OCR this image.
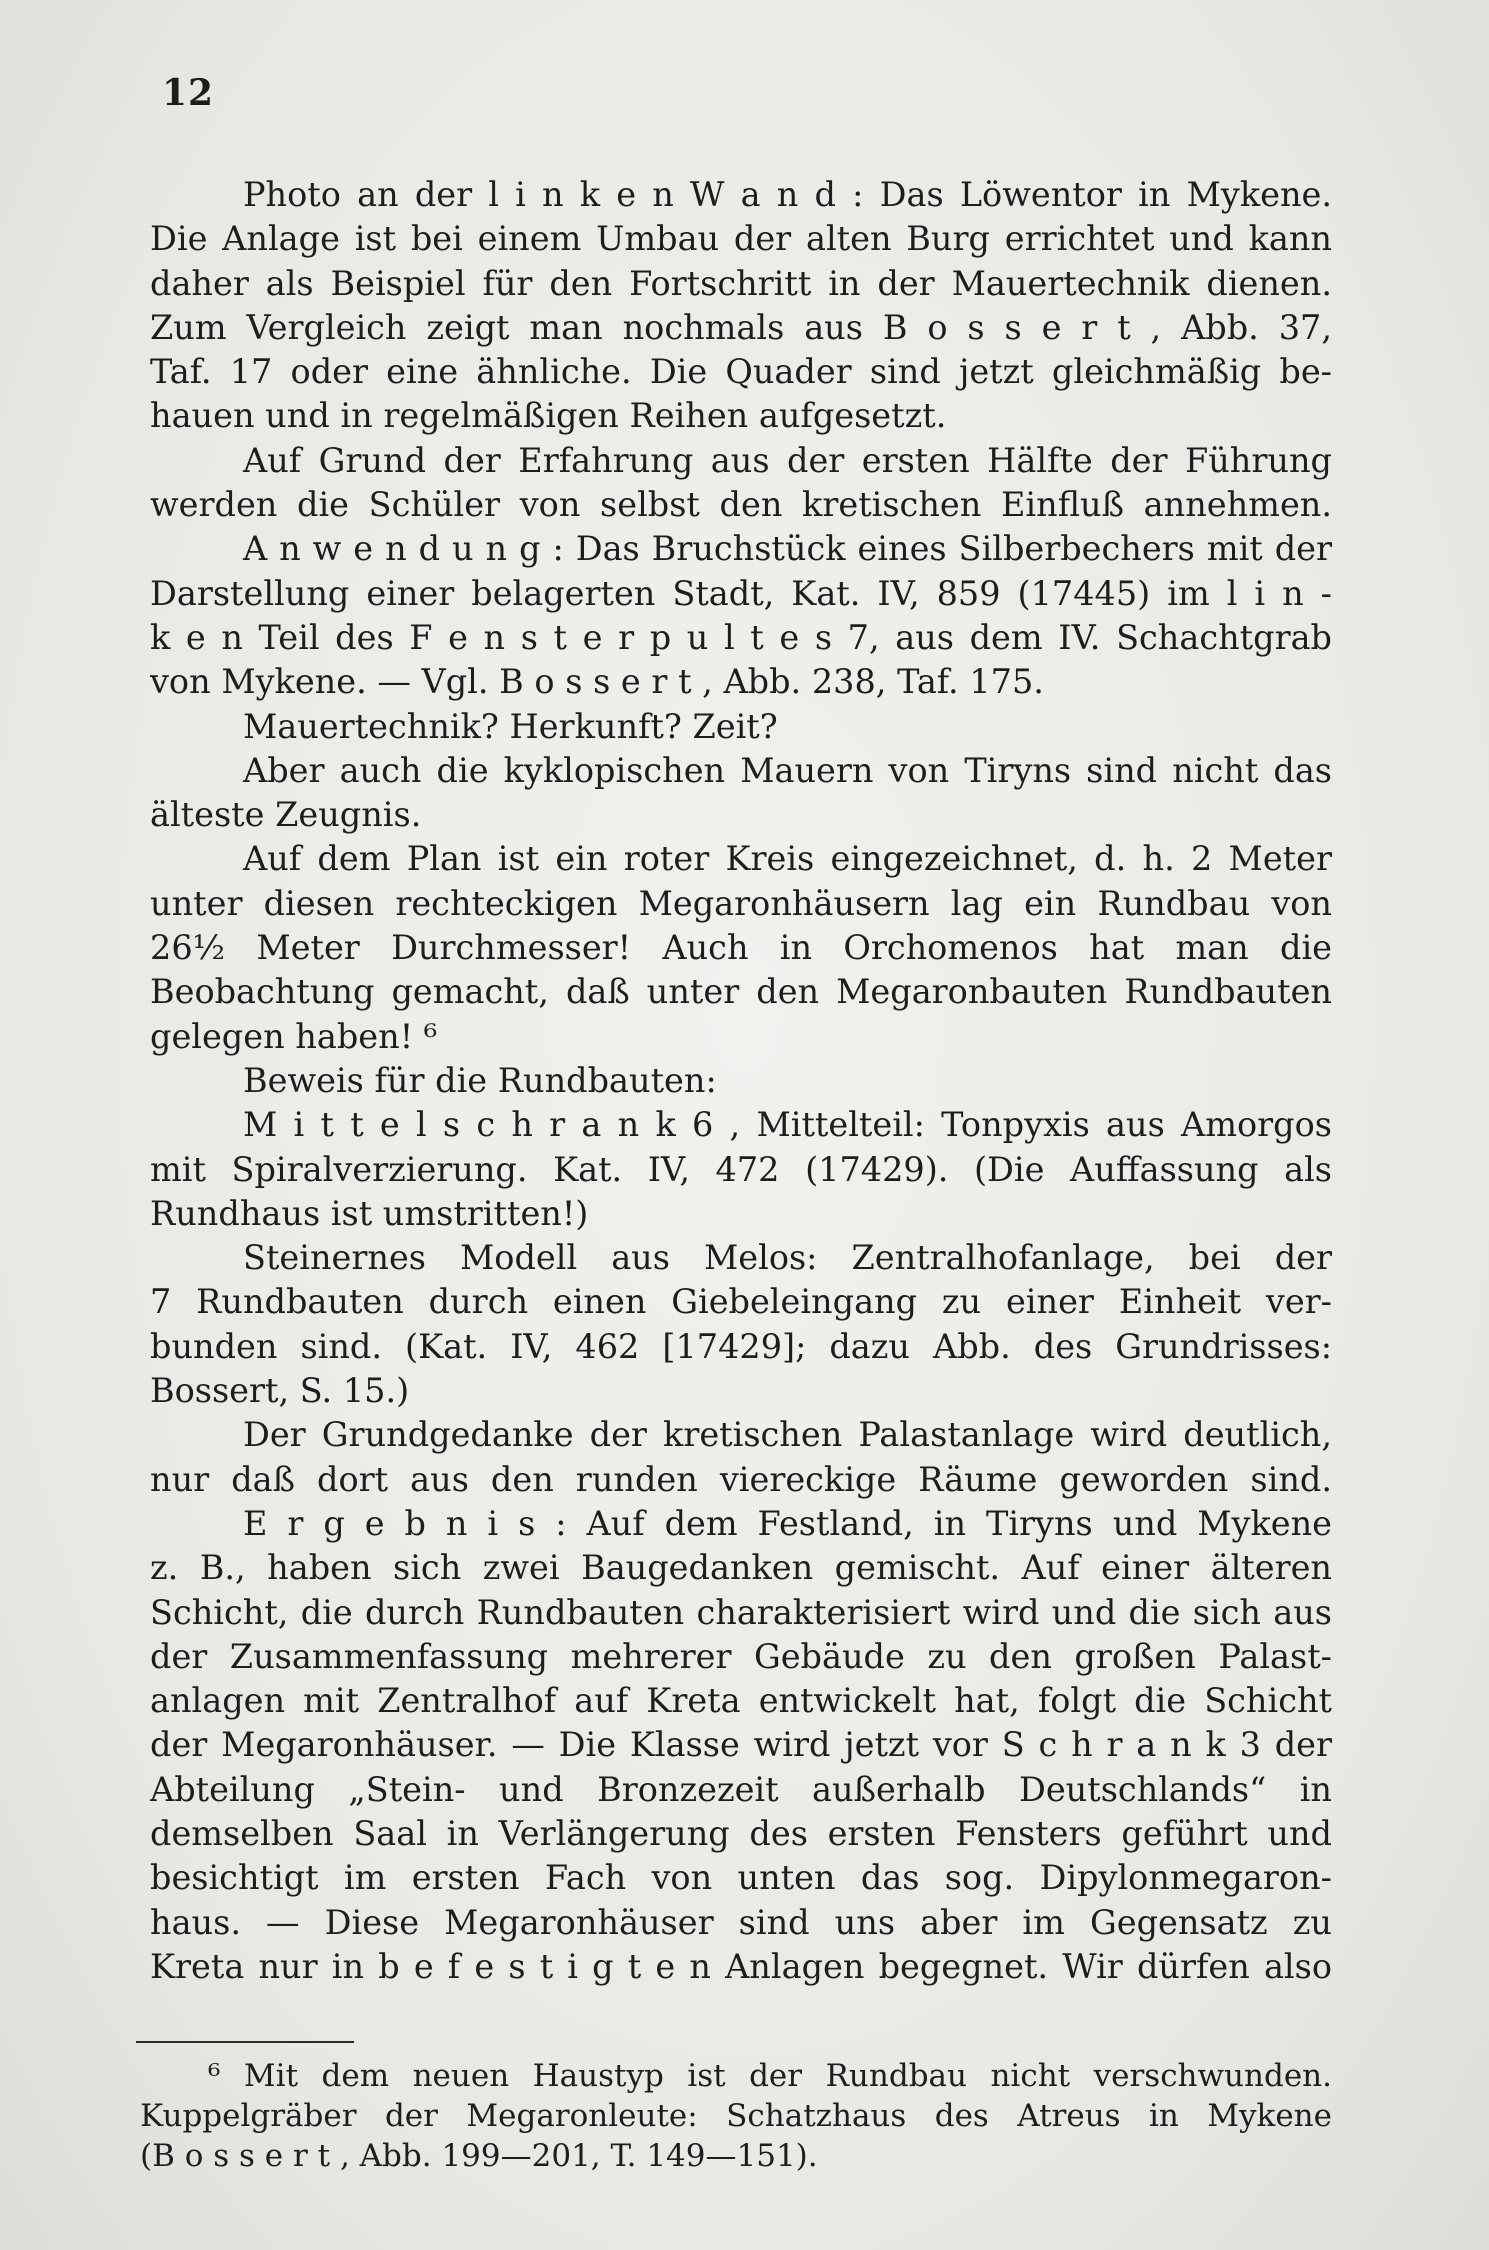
12
Photo an der l i n k e n W a n d : Das Löwentor in Mykene.
Die Anlage ist bei einem Umbau der alten Burg errichtet und kann
daher als Beispiel für den Fortschritt in der Mauertechnik dienen.
Zum Vergleich zeigt man nochmals aus B o s s e r t , Abb. 37,
Taf. 17 oder eine ähnliche. Die Quader sind jetzt gleichmäßig be-
hauen und in regelmäßigen Reihen aufgesetzt.
Auf Grund der Erfahrung aus der ersten Hälfte der Führung
werden die Schüler von selbst den kretischen Einfluß annehmen.
A n w e n d u n g : Das Bruchstück eines Silberbechers mit der
Darstellung einer belagerten Stadt, Kat. IV, 859 (17445) im l i n -
k e n Teil des F e n s t e r p u l t e s 7, aus dem IV. Schachtgrab
von Mykene. — Vgl. B o s s e r t , Abb. 238, Taf. 175.
Mauertechnik? Herkunft? Zeit?
Aber auch die kyklopischen Mauern von Tiryns sind nicht das
älteste Zeugnis.
Auf dem Plan ist ein roter Kreis eingezeichnet, d. h. 2 Meter
unter diesen rechteckigen Megaronhäusern lag ein Rundbau von
26½ Meter Durchmesser! Auch in Orchomenos hat man die
Beobachtung gemacht, daß unter den Megaronbauten Rundbauten
gelegen haben! ⁶
Beweis für die Rundbauten:
M i t t e l s c h r a n k 6 , Mittelteil: Tonpyxis aus Amorgos
mit Spiralverzierung. Kat. IV, 472 (17429). (Die Auffassung als
Rundhaus ist umstritten!)
Steinernes Modell aus Melos: Zentralhofanlage, bei der
7 Rundbauten durch einen Giebeleingang zu einer Einheit ver-
bunden sind. (Kat. IV, 462 [17429]; dazu Abb. des Grundrisses:
Bossert, S. 15.)
Der Grundgedanke der kretischen Palastanlage wird deutlich,
nur daß dort aus den runden viereckige Räume geworden sind.
E r g e b n i s : Auf dem Festland, in Tiryns und Mykene
z. B., haben sich zwei Baugedanken gemischt. Auf einer älteren
Schicht, die durch Rundbauten charakterisiert wird und die sich aus
der Zusammenfassung mehrerer Gebäude zu den großen Palast-
anlagen mit Zentralhof auf Kreta entwickelt hat, folgt die Schicht
der Megaronhäuser. — Die Klasse wird jetzt vor S c h r a n k 3 der
Abteilung „Stein- und Bronzezeit außerhalb Deutschlands“ in
demselben Saal in Verlängerung des ersten Fensters geführt und
besichtigt im ersten Fach von unten das sog. Dipylonmegaron-
haus. — Diese Megaronhäuser sind uns aber im Gegensatz zu
Kreta nur in b e f e s t i g t e n Anlagen begegnet. Wir dürfen also
⁶ Mit dem neuen Haustyp ist der Rundbau nicht verschwunden.
Kuppelgräber der Megaronleute: Schatzhaus des Atreus in Mykene
(B o s s e r t , Abb. 199—201, T. 149—151).
